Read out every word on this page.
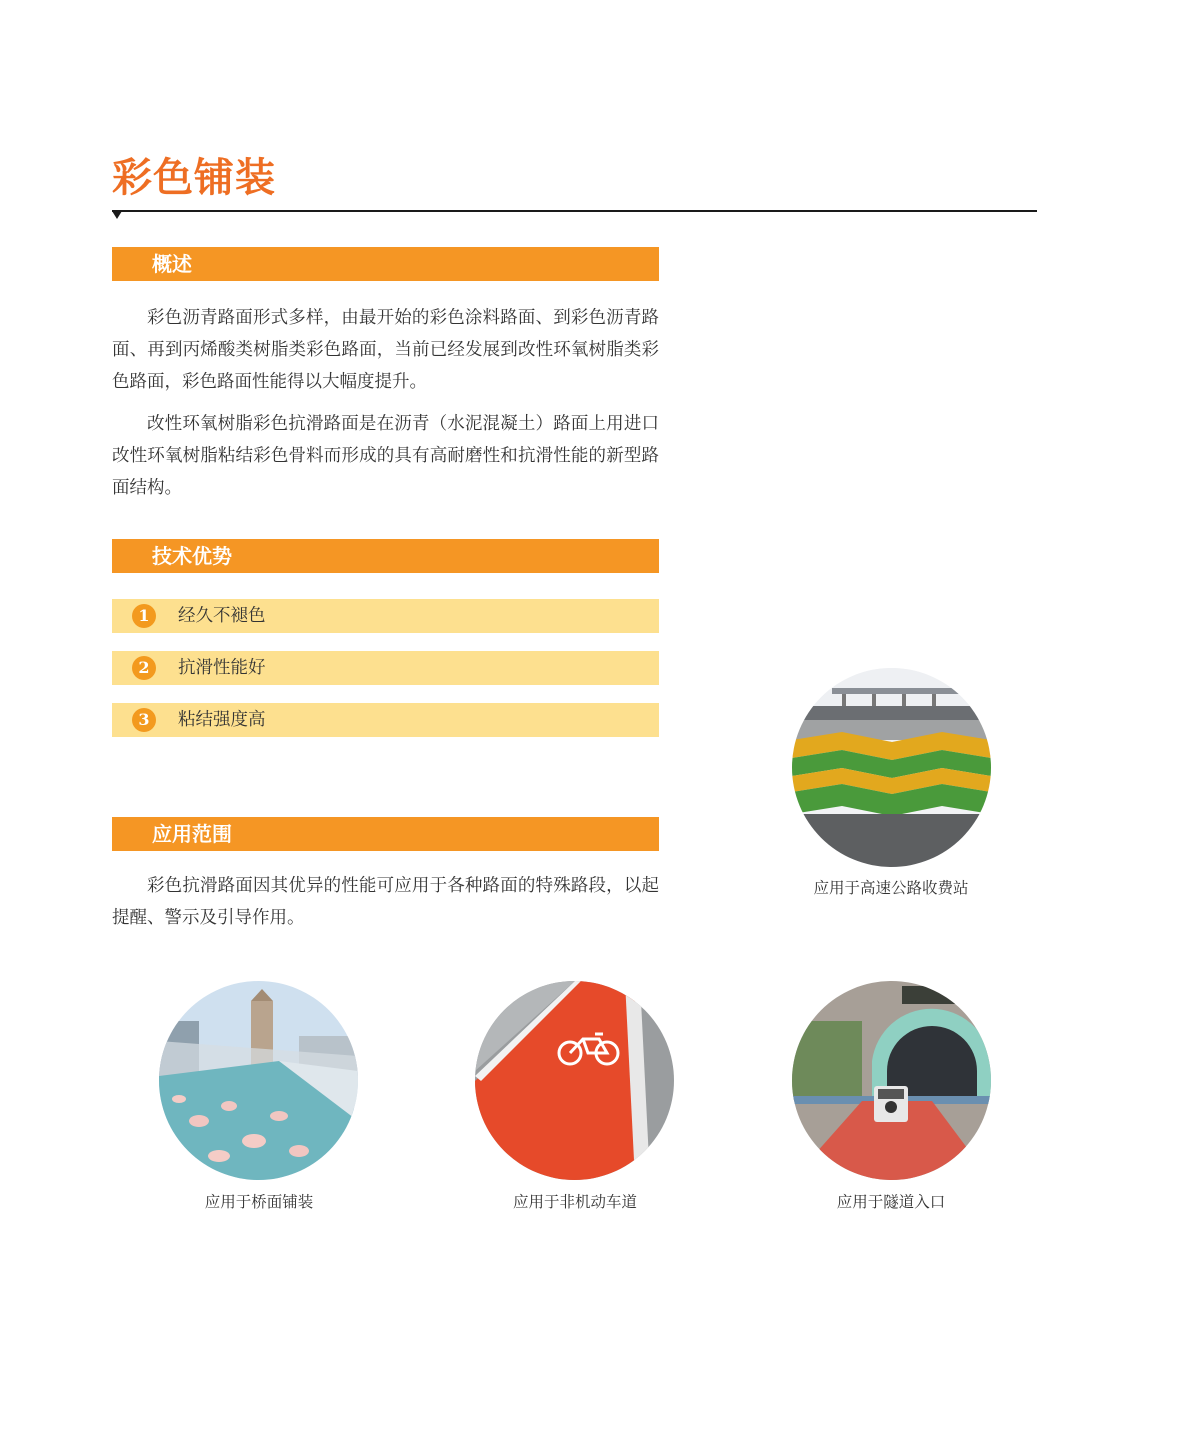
彩色铺装
概述

彩色沥青路面形式多样，由最开始的彩色涂料路面、到彩色沥青路面、再到丙烯酸类树脂类彩色路面，当前已经发展到改性环氧树脂类彩色路面，彩色路面性能得以大幅度提升。

改性环氧树脂彩色抗滑路面是在沥青（水泥混凝土）路面上用进口改性环氧树脂粘结彩色骨料而形成的具有高耐磨性和抗滑性能的新型路面结构。

技术优势
1	经久不褪色
2	抗滑性能好
3	粘结强度高
应用范围

彩色抗滑路面因其优异的性能可应用于各种路面的特殊路段，以起提醒、警示及引导作用。

应用于高速公路收费站
应用于桥面铺装	应用于非机动车道	应用于隧道入口
